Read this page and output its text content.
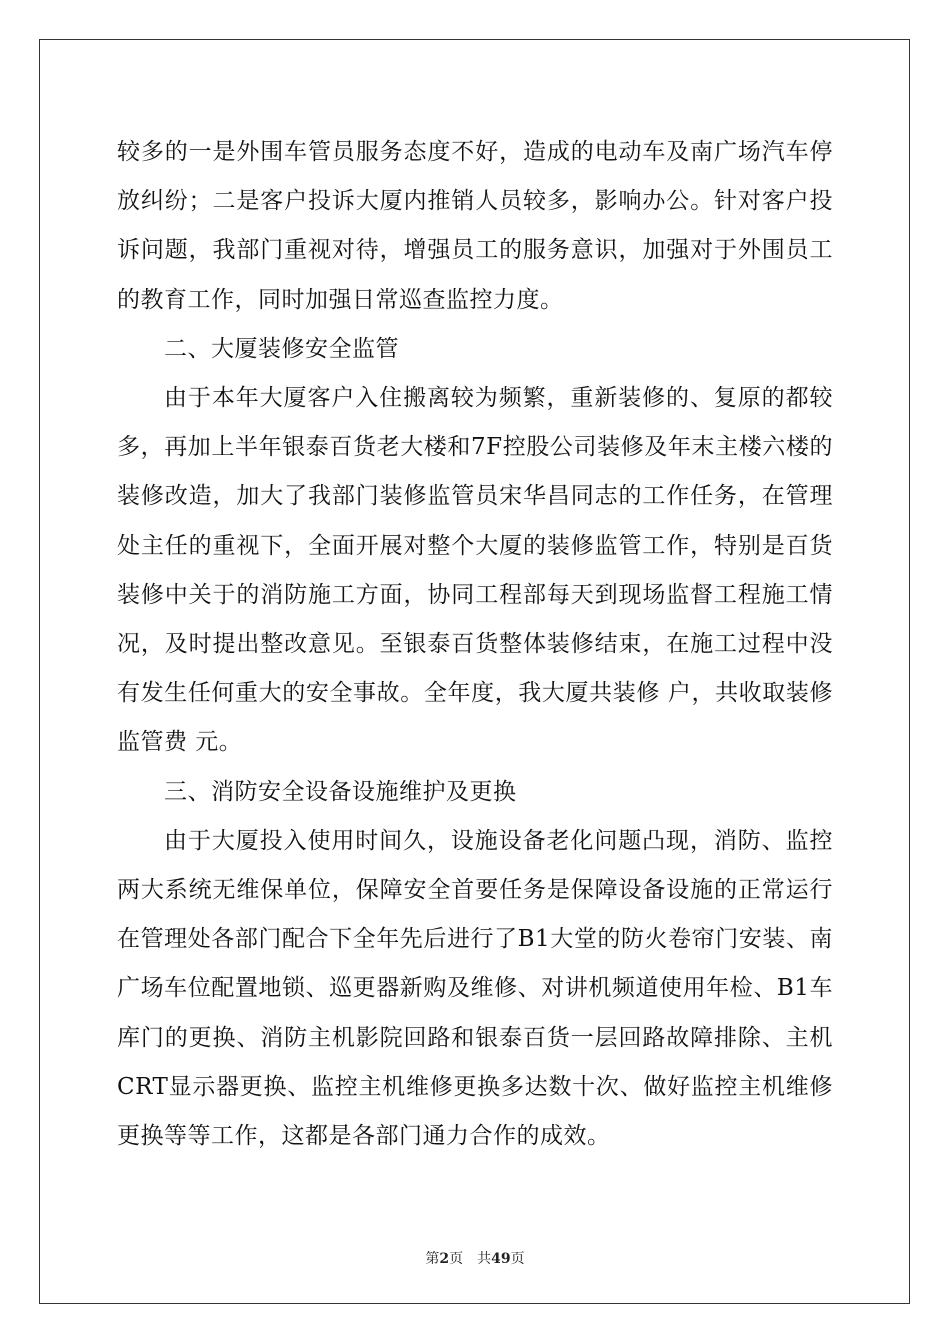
较多的一是外围车管员服务态度不好，造成的电动车及南广场汽车停放纠纷；二是客户投诉大厦内推销人员较多，影响办公。针对客户投诉问题，我部门重视对待，增强员工的服务意识，加强对于外围员工的教育工作，同时加强日常巡查监控力度。

二、大厦装修安全监管

由于本年大厦客户入住搬离较为频繁，重新装修的、复原的都较多，再加上半年银泰百货老大楼和7F控股公司装修及年末主楼六楼的装修改造，加大了我部门装修监管员宋华昌同志的工作任务，在管理处主任的重视下，全面开展对整个大厦的装修监管工作，特别是百货装修中关于的消防施工方面，协同工程部每天到现场监督工程施工情况，及时提出整改意见。至银泰百货整体装修结束，在施工过程中没有发生任何重大的安全事故。全年度，我大厦共装修 户，共收取装修监管费 元。

三、消防安全设备设施维护及更换

由于大厦投入使用时间久，设施设备老化问题凸现，消防、监控两大系统无维保单位，保障安全首要任务是保障设备设施的正常运行在管理处各部门配合下全年先后进行了B1大堂的防火卷帘门安装、南广场车位配置地锁、巡更器新购及维修、对讲机频道使用年检、B1车库门的更换、消防主机影院回路和银泰百货一层回路故障排除、主机CRT显示器更换、监控主机维修更换多达数十次、做好监控主机维修更换等等工作，这都是各部门通力合作的成效。

第2页 共49页
